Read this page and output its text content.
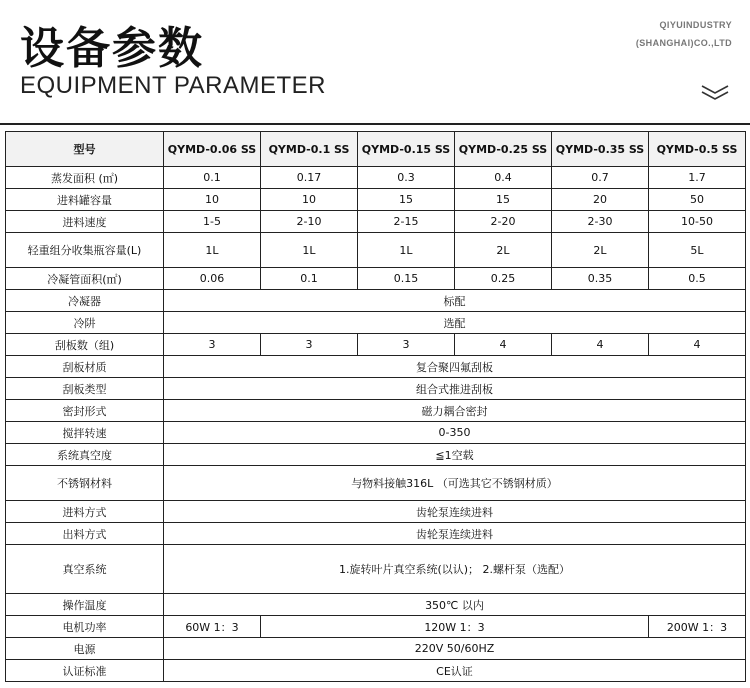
设备参数
EQUIPMENT PARAMETER
QIYUINDUSTRY
(SHANGHAI)CO.,LTD
型号	QYMD-0.06 SS	QYMD-0.1 SS	QYMD-0.15 SS	QYMD-0.25 SS	QYMD-0.35 SS	QYMD-0.5 SS
蒸发面积 (㎡)	0.1	0.17	0.3	0.4	0.7	1.7
进料罐容量	10	10	15	15	20	50
进料速度	1-5	2-10	2-15	2-20	2-30	10-50
轻重组分收集瓶容量(L)	1L	1L	1L	2L	2L	5L
冷凝管面积(㎡)	0.06	0.1	0.15	0.25	0.35	0.5
冷凝器	标配					
冷阱	选配					
刮板数（组)	3	3	3	4	4	4
刮板材质	复合聚四氟刮板					
刮板类型	组合式推进刮板					
密封形式	磁力耦合密封					
搅拌转速	0-350					
系统真空度	≦1空载					
不锈钢材料	与物料接触316L （可选其它不锈钢材质）					
进料方式	齿轮泵连续进料					
出料方式	齿轮泵连续进料					
真空系统	1.旋转叶片真空系统(以认)； 2.螺杆泵（选配）					
操作温度	350℃ 以内					
电机功率	60W 1：3	120W 1：3				200W 1：3
电源	220V 50/60HZ					
认证标准	CE认证					
